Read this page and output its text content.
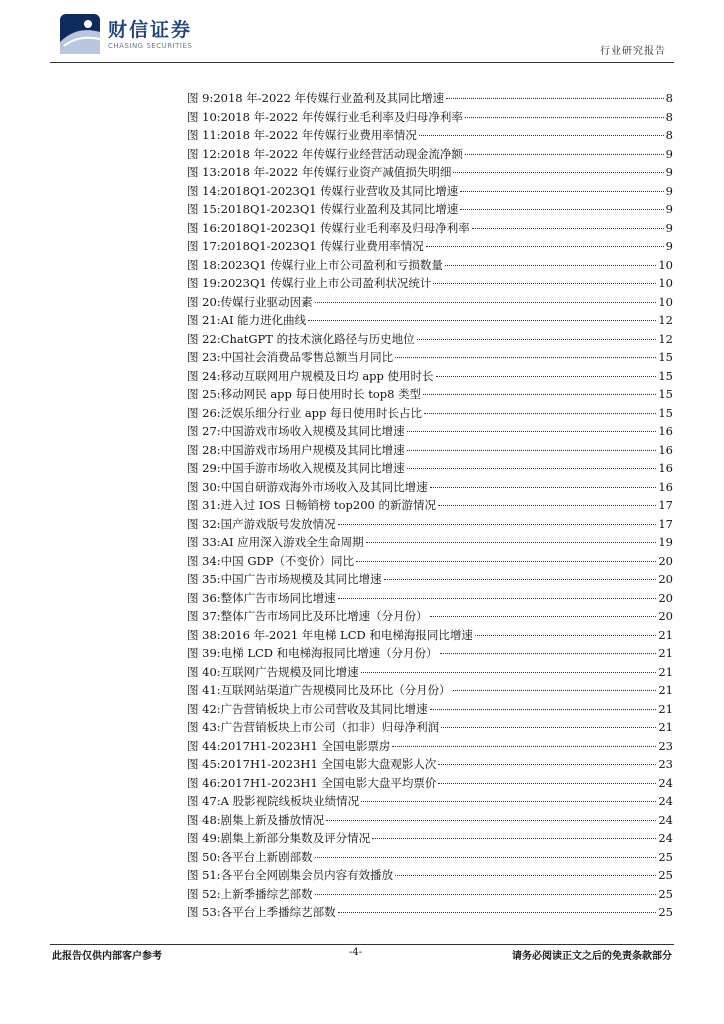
财信证券
CHASING SECURITIES	行业研究报告
图 9: 2018 年-2022 年传媒行业盈利及其同比增速	8
图 10: 2018 年-2022 年传媒行业毛利率及归母净利率	8
图 11: 2018 年-2022 年传媒行业费用率情况	8
图 12: 2018 年-2022 年传媒行业经营活动现金流净额	9
图 13: 2018 年-2022 年传媒行业资产减值损失明细	9
图 14: 2018Q1-2023Q1 传媒行业营收及其同比增速	9
图 15: 2018Q1-2023Q1 传媒行业盈利及其同比增速	9
图 16: 2018Q1-2023Q1 传媒行业毛利率及归母净利率	9
图 17: 2018Q1-2023Q1 传媒行业费用率情况	9
图 18: 2023Q1 传媒行业上市公司盈利和亏损数量	10
图 19: 2023Q1 传媒行业上市公司盈利状况统计	10
图 20: 传媒行业驱动因素	10
图 21: AI 能力进化曲线	12
图 22: ChatGPT 的技术演化路径与历史地位	12
图 23: 中国社会消费品零售总额当月同比	15
图 24: 移动互联网用户规模及日均 app 使用时长	15
图 25: 移动网民 app 每日使用时长 top8 类型	15
图 26: 泛娱乐细分行业 app 每日使用时长占比	15
图 27: 中国游戏市场收入规模及其同比增速	16
图 28: 中国游戏市场用户规模及其同比增速	16
图 29: 中国手游市场收入规模及其同比增速	16
图 30: 中国自研游戏海外市场收入及其同比增速	16
图 31: 进入过 IOS 日畅销榜 top200 的新游情况	17
图 32: 国产游戏版号发放情况	17
图 33: AI 应用深入游戏全生命周期	19
图 34: 中国 GDP（不变价）同比	20
图 35: 中国广告市场规模及其同比增速	20
图 36: 整体广告市场同比增速	20
图 37: 整体广告市场同比及环比增速（分月份）	20
图 38: 2016 年-2021 年电梯 LCD 和电梯海报同比增速	21
图 39: 电梯 LCD 和电梯海报同比增速（分月份）	21
图 40: 互联网广告规模及同比增速	21
图 41: 互联网站渠道广告规模同比及环比（分月份）	21
图 42: 广告营销板块上市公司营收及其同比增速	21
图 43: 广告营销板块上市公司（扣非）归母净利润	21
图 44: 2017H1-2023H1 全国电影票房	23
图 45: 2017H1-2023H1 全国电影大盘观影人次	23
图 46: 2017H1-2023H1 全国电影大盘平均票价	24
图 47: A 股影视院线板块业绩情况	24
图 48: 剧集上新及播放情况	24
图 49: 剧集上新部分集数及评分情况	24
图 50: 各平台上新剧部数	25
图 51: 各平台全网剧集会员内容有效播放	25
图 52: 上新季播综艺部数	25
图 53: 各平台上季播综艺部数	25
此报告仅供内部客户参考	-4-	请务必阅读正文之后的免责条款部分
